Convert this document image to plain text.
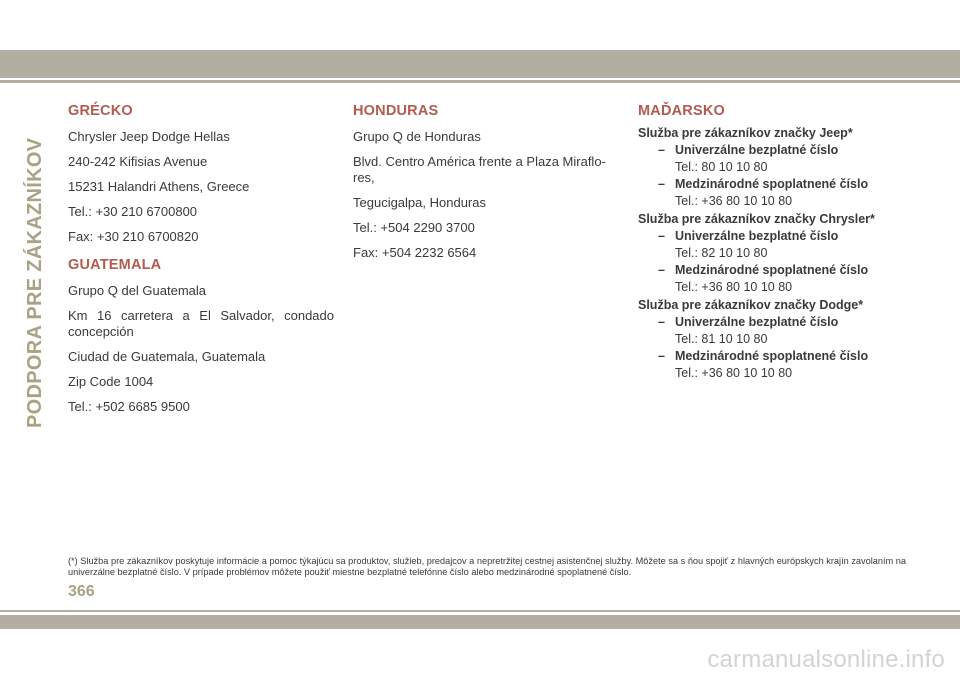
PODPORA PRE ZÁKAZNÍKOV
GRÉCKO
Chrysler Jeep Dodge Hellas
240-242 Kifisias Avenue
15231 Halandri Athens, Greece
Tel.: +30 210 6700800
Fax: +30 210 6700820
GUATEMALA
Grupo Q del Guatemala
Km 16 carretera a El Salvador, condado concepción
Ciudad de Guatemala, Guatemala
Zip Code 1004
Tel.: +502 6685 9500
HONDURAS
Grupo Q de Honduras
Blvd. Centro América frente a Plaza Miraflo-res,
Tegucigalpa, Honduras
Tel.: +504 2290 3700
Fax: +504 2232 6564
MAĎARSKO
Služba pre zákazníkov značky Jeep*
– Univerzálne bezplatné číslo
Tel.: 80 10 10 80
– Medzinárodné spoplatnené číslo
Tel.: +36 80 10 10 80
Služba pre zákazníkov značky Chrysler*
– Univerzálne bezplatné číslo
Tel.: 82 10 10 80
– Medzinárodné spoplatnené číslo
Tel.: +36 80 10 10 80
Služba pre zákazníkov značky Dodge*
– Univerzálne bezplatné číslo
Tel.: 81 10 10 80
– Medzinárodné spoplatnené číslo
Tel.: +36 80 10 10 80
(*) Služba pre zákazníkov poskytuje informácie a pomoc týkajúcu sa produktov, služieb, predajcov a nepretržitej cestnej asistenčnej služby. Môžete sa s ňou spojiť z hlavných európskych krajín zavolaním na univerzálne bezplatné číslo. V prípade problémov môžete použiť miestne bezplatné telefónne číslo alebo medzinárodné spoplatnené číslo.
366
carmanualsonline.info
